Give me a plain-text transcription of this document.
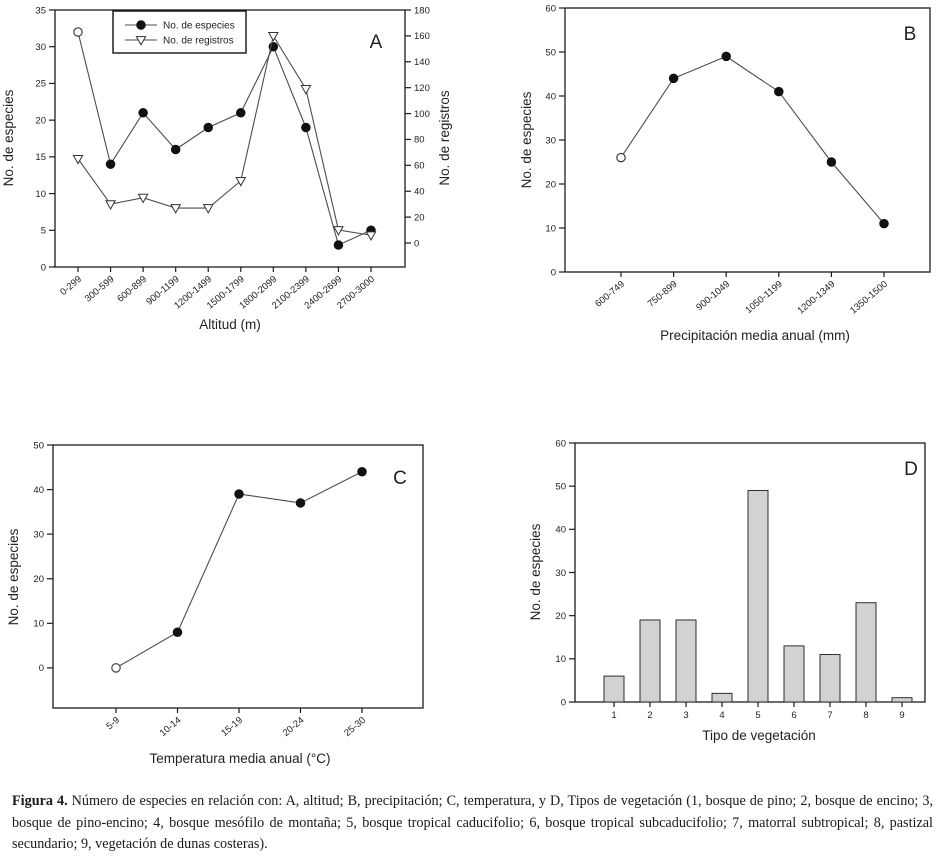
0
5
10
15
20
25
30
35
0
20
40
60
80
100
120
140
160
180
0-299
300-599
600-899
900-1199
1200-1499
1500-1799
1800-2099
2100-2399
2400-2699
2700-3000
A
Altitud (m)
No. de especies	No. de registros
No. de especies
No. de registros
0
10
20
30
40
50
60
600-749 750-899 900-1049 1050-1199 1200-1349 1350-1500
B
Precipitación media anual (mm)
No. de especies
0
10
20
30
40
50
5-9	10-14	15-19	20-24	25-30
C
Temperatura media anual (°C)
No. de especies
0
10
20
30
40
50
60
1	2	3	4	5	6	7	8	9
D
Tipo de vegetación
No. de especies
Figura 4. Número de especies en relación con: A, altitud; B, precipitación; C, temperatura, y D, Tipos de vegetación (1, bosque de pino; 2, bosque de encino; 3, bosque de pino-encino; 4, bosque mesófilo de montaña; 5, bosque tropical caducifolio; 6, bosque tropical subcaducifolio; 7, matorral subtropical; 8, pastizal secundario; 9, vegetación de dunas costeras).
